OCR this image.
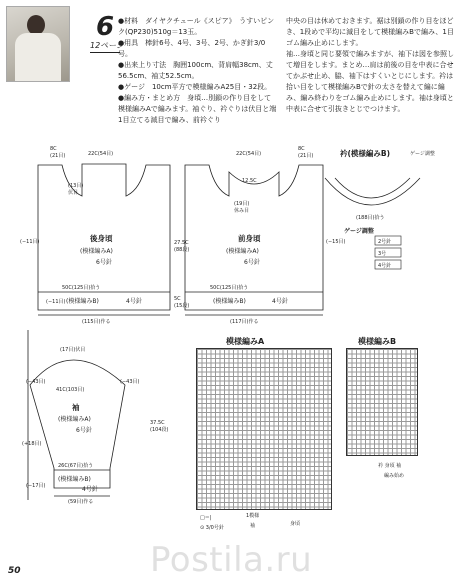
6
12ページ
●材料　ダイヤクチュール《スピア》　うすいピンク(QP230)510g＝13玉。
●用具　棒針6号、4号、3号、2号、かぎ針3/0号。
●出来上り寸法　胸囲100cm、背肩幅38cm、丈56.5cm、袖丈52.5cm。
●ゲージ　10cm平方で模様編みA25目・32段。
●編み方・まとめ方　身頃…別鎖の作り目をして模様編みAで編みます。袖ぐり、衿ぐりは伏目と端1目立てる減目で編み、前衿ぐり
中央の目は休めておきます。裾は別鎖の作り目をほどき、1段めで平均に減目をして模様編みBで編み、1目ゴム編み止めにします。
袖…身頃と同じ要領で編みますが、袖下は図を参照して増目をします。まとめ…肩は前後の目を中表に合せてかぶせ止め、脇、袖下はすくいとじにします。衿は拾い目をして模様編みBで針の太さを替えて編に編み、編み終わりをゴム編み止めにします。袖は身頃と中表に合せて引抜きとじでつけます。
後身頃
(模様編みA)
6号針
(模様編みB)	4号針
50C(125目)拾う
(−11目)
(115目)作る
22C(54目)
8C
(21目)
(−11目)	27.5C
(88段)
5C
(15段)
(13目)
伏目
前身頃
(模様編みA)
6号針
(模様編みB)	4号針
50C(125目)拾う
(117目)作る
22C(54目)
12.5C
(19目)
休み目
8C
(21目)
(−15目)
衿(模様編みB)	ゲージ調整
(188目)拾う
ゲージ調整
2号針
3号
4号針
袖
(模様編みA)
6号針
41C(103目)
(17目)伏目
26C(67目)拾う
(模様編みB)
4号針
(−17目)
(59目)作る
37.5C
(104段)
(+18目)
(−43目)
(−43目)
模様編みA
□＝|
⊙ 3/0号針
1模様
身頃
袖
模様編みB
編み始め
衿 身頃 袖
50	Postila.ru
